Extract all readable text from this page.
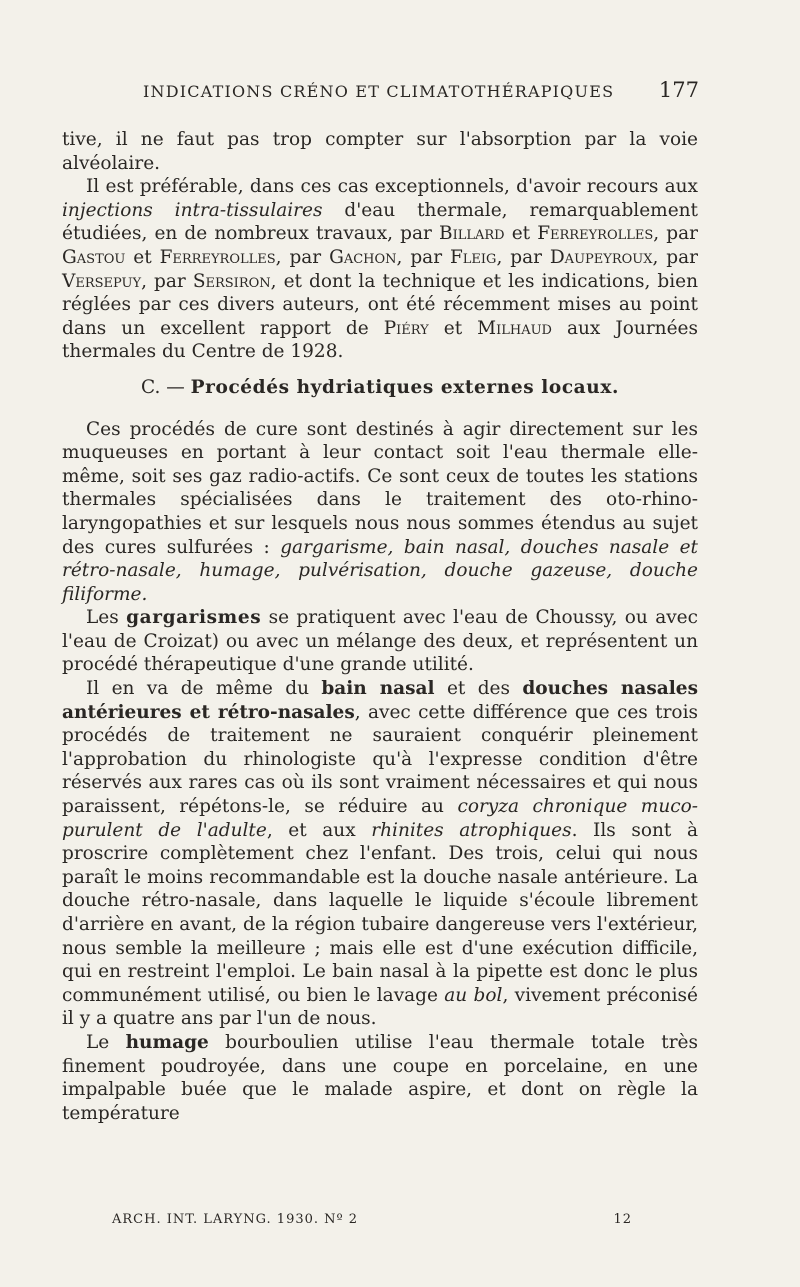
INDICATIONS CRÉNO ET CLIMATOTHÉRAPIQUES 177

tive, il ne faut pas trop compter sur l'absorption par la voie alvéolaire.

Il est préférable, dans ces cas exceptionnels, d'avoir recours aux injections intra-tissulaires d'eau thermale, remarquablement étudiées, en de nombreux travaux, par Billard et Ferreyrolles, par Gastou et Ferreyrolles, par Gachon, par Fleig, par Daupeyroux, par Versepuy, par Sersiron, et dont la technique et les indications, bien réglées par ces divers auteurs, ont été récemment mises au point dans un excellent rapport de Piéry et Milhaud aux Journées thermales du Centre de 1928.

C. — Procédés hydriatiques externes locaux.

Ces procédés de cure sont destinés à agir directement sur les muqueuses en portant à leur contact soit l'eau thermale elle-même, soit ses gaz radio-actifs. Ce sont ceux de toutes les stations thermales spécialisées dans le traitement des oto-rhino-laryngopathies et sur lesquels nous nous sommes étendus au sujet des cures sulfurées : gargarisme, bain nasal, douches nasale et rétro-nasale, humage, pulvérisation, douche gazeuse, douche filiforme.

Les gargarismes se pratiquent avec l'eau de Choussy, ou avec l'eau de Croizat) ou avec un mélange des deux, et représentent un procédé thérapeutique d'une grande utilité.

Il en va de même du bain nasal et des douches nasales antérieures et rétro-nasales, avec cette différence que ces trois procédés de traitement ne sauraient conquérir pleinement l'approbation du rhinologiste qu'à l'expresse condition d'être réservés aux rares cas où ils sont vraiment nécessaires et qui nous paraissent, répétons-le, se réduire au coryza chronique muco-purulent de l'adulte, et aux rhinites atrophiques. Ils sont à proscrire complètement chez l'enfant. Des trois, celui qui nous paraît le moins recommandable est la douche nasale antérieure. La douche rétro-nasale, dans laquelle le liquide s'écoule librement d'arrière en avant, de la région tubaire dangereuse vers l'extérieur, nous semble la meilleure ; mais elle est d'une exécution difficile, qui en restreint l'emploi. Le bain nasal à la pipette est donc le plus communément utilisé, ou bien le lavage au bol, vivement préconisé il y a quatre ans par l'un de nous.

Le humage bourboulien utilise l'eau thermale totale très finement poudroyée, dans une coupe en porcelaine, en une impalpable buée que le malade aspire, et dont on règle la température

ARCH. INT. LARYNG. 1930. Nº 2	12
